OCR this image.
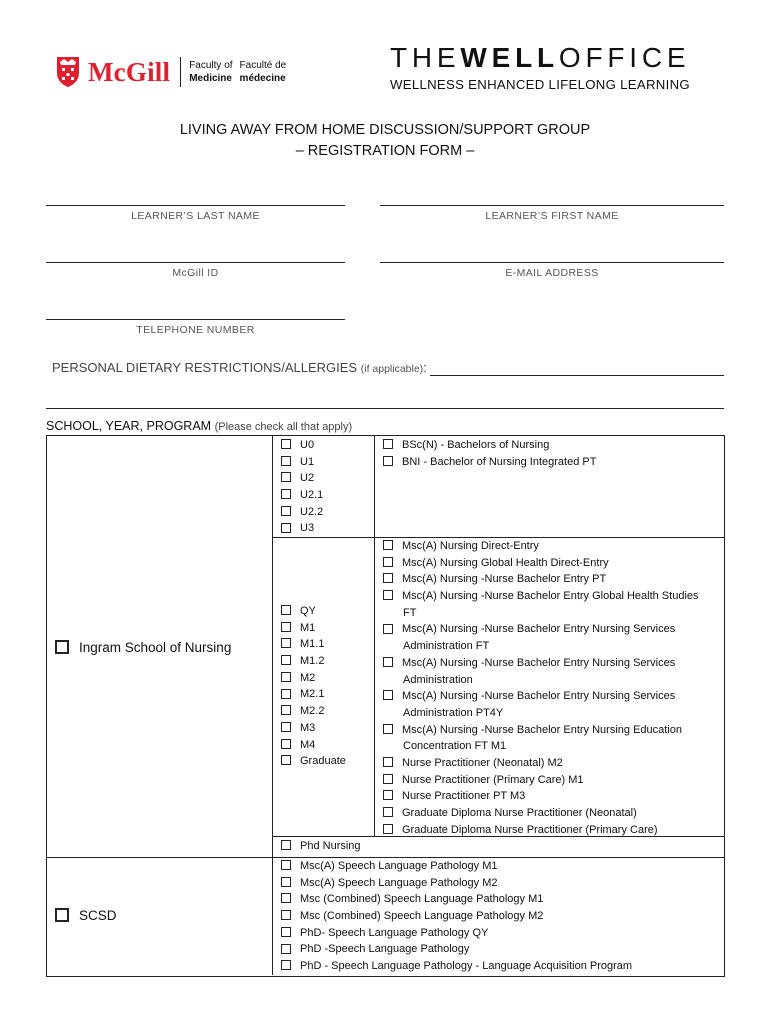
McGill Faculty of
Medicine
Faculté de
médecine
THEWELLOFFICE
WELLNESS ENHANCED LIFELONG LEARNING
LIVING AWAY FROM HOME DISCUSSION/SUPPORT GROUP
– REGISTRATION FORM –
LEARNER’S LAST NAME	LEARNER’S FIRST NAME
McGill ID	E-MAIL ADDRESS
TELEPHONE NUMBER
PERSONAL DIETARY RESTRICTIONS/ALLERGIES (if applicable):
SCHOOL, YEAR, PROGRAM (Please check all that apply)
Ingram School of Nursing
U0
U1
U2
U2.1
U2.2
U3
BSc(N) - Bachelors of Nursing
BNI - Bachelor of Nursing Integrated PT
QY
M1
M1.1
M1.2
M2
M2.1
M2.2
M3
M4
Graduate
Msc(A) Nursing Direct-Entry
Msc(A) Nursing Global Health Direct-Entry
Msc(A) Nursing -Nurse Bachelor Entry PT
Msc(A) Nursing -Nurse Bachelor Entry Global Health Studies
FT
Msc(A) Nursing -Nurse Bachelor Entry Nursing Services
Administration FT
Msc(A) Nursing -Nurse Bachelor Entry Nursing Services
Administration
Msc(A) Nursing -Nurse Bachelor Entry Nursing Services
Administration PT4Y
Msc(A) Nursing -Nurse Bachelor Entry Nursing Education
Concentration FT M1
Nurse Practitioner (Neonatal) M2
Nurse Practitioner (Primary Care) M1
Nurse Practitioner PT M3
Graduate Diploma Nurse Practitioner (Neonatal)
Graduate Diploma Nurse Practitioner (Primary Care)
Phd Nursing
SCSD
Msc(A) Speech Language Pathology M1
Msc(A) Speech Language Pathology M2
Msc (Combined) Speech Language Pathology M1
Msc (Combined) Speech Language Pathology M2
PhD- Speech Language Pathology QY
PhD -Speech Language Pathology
PhD - Speech Language Pathology - Language Acquisition Program
